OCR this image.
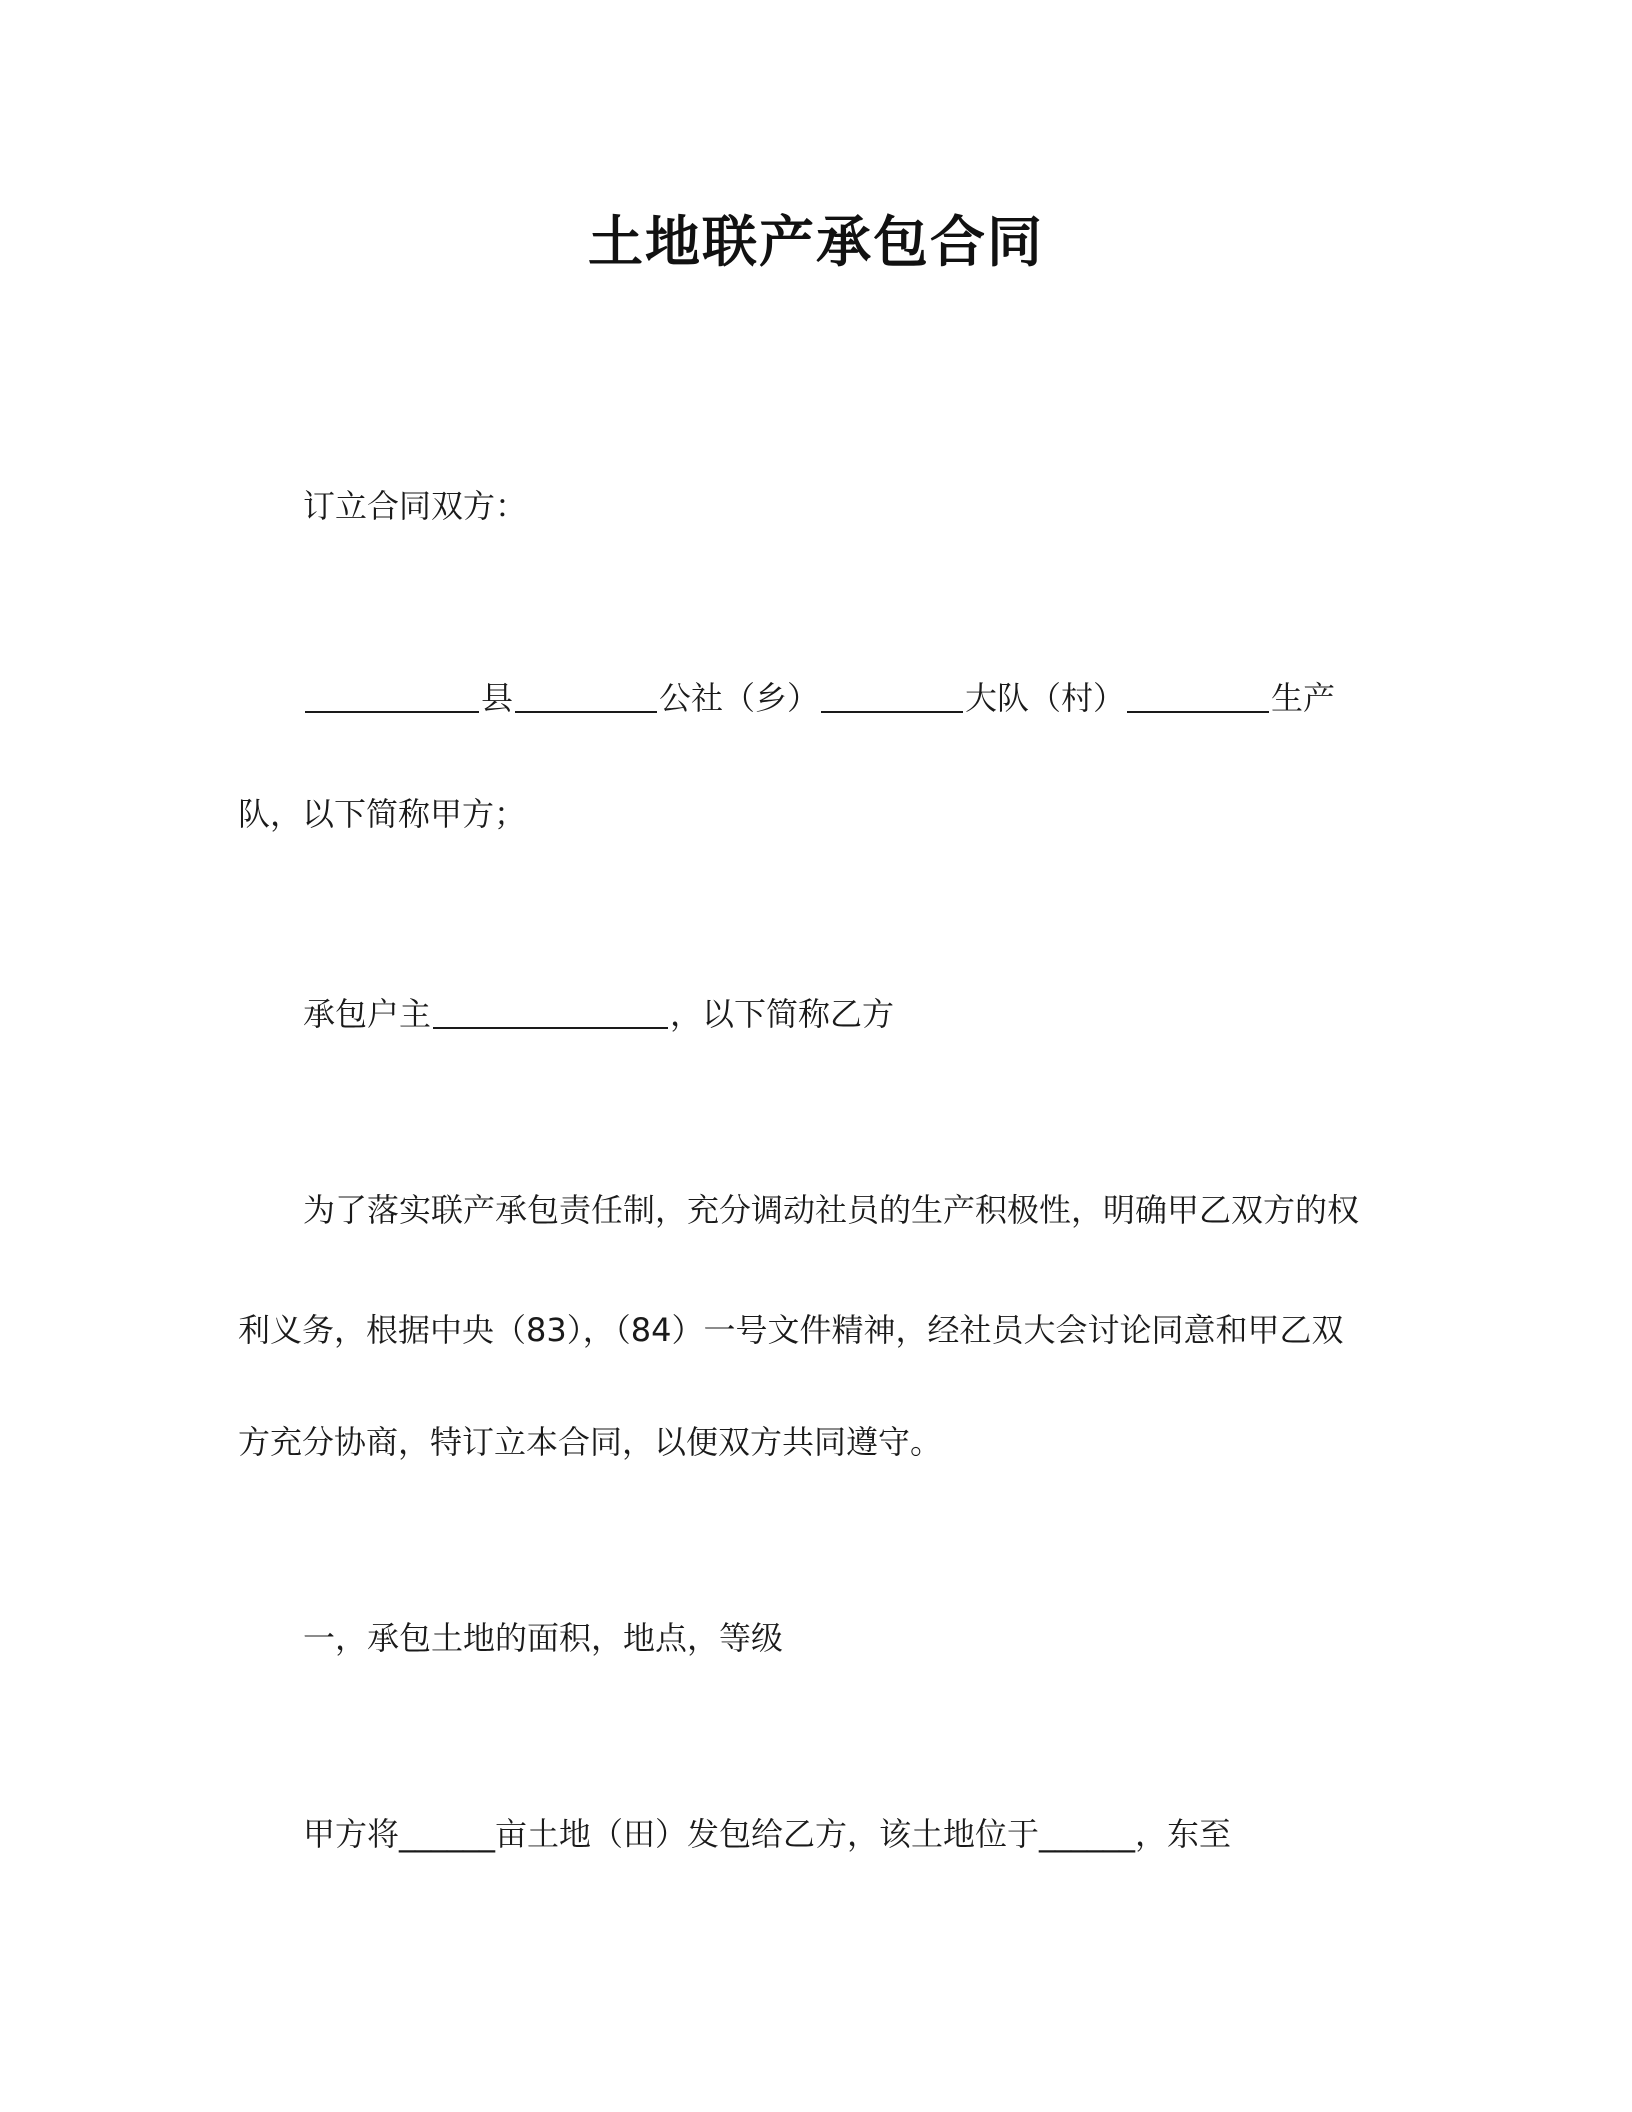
土地联产承包合同
订立合同双方：
县	公社（乡）	大队（村）	生产
队，以下简称甲方；
承包户主	，以下简称乙方
为了落实联产承包责任制，充分调动社员的生产积极性，明确甲乙双方的权
利义务，根据中央（83），（84）一号文件精神，经社员大会讨论同意和甲乙双
方充分协商，特订立本合同，以便双方共同遵守。
一，承包土地的面积，地点，等级
甲方将______亩土地（田）发包给乙方，该土地位于______，东至
